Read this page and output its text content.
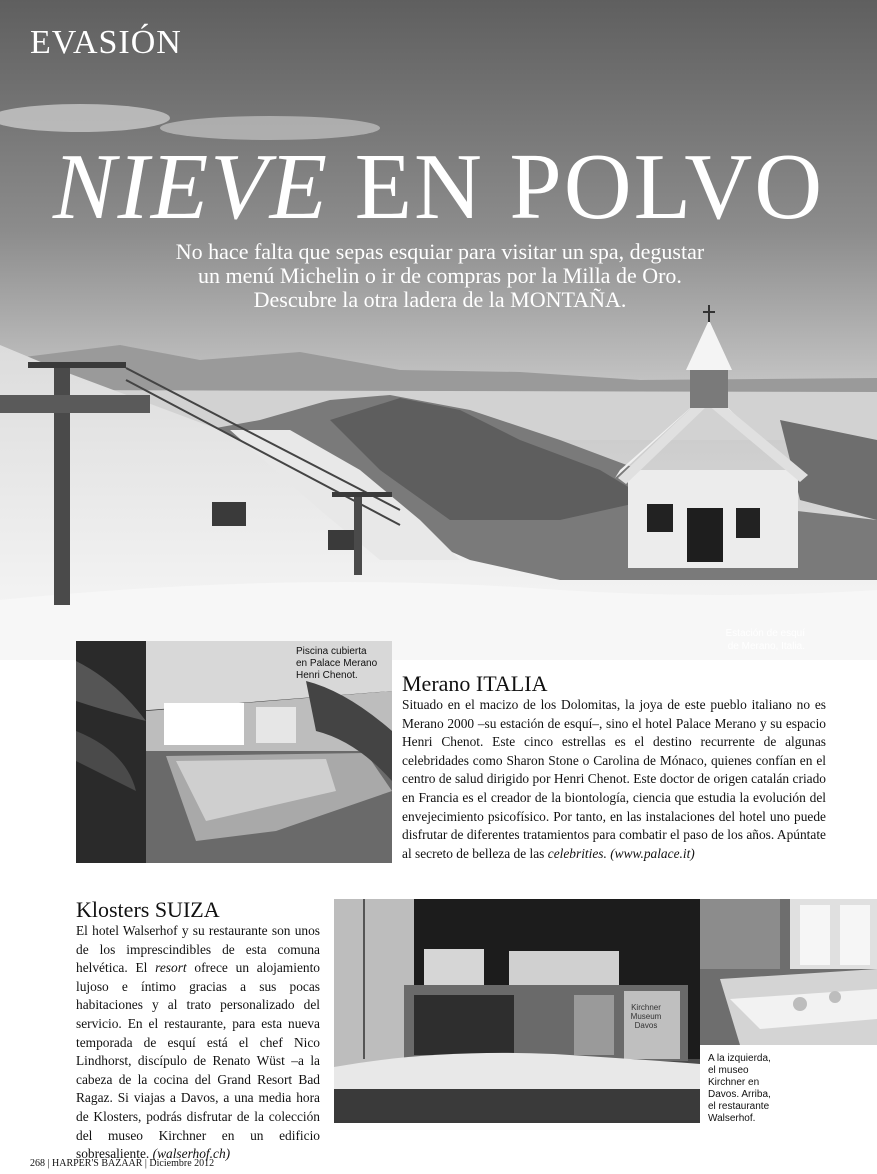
EVASIÓN
NIEVE EN POLVO

No hace falta que sepas esquiar para visitar un spa, degustar

un menú Michelin o ir de compras por la Milla de Oro.

Descubre la otra ladera de la MONTAÑA.

Estación de esquí
de Merano, Italia.
Piscina cubierta
en Palace Merano
Henri Chenot.	Merano ITALIA

Situado en el macizo de los Dolomitas, la joya de este pueblo italiano no es Merano 2000 –su estación de esquí–, sino el hotel Palace Merano y su espacio Henri Chenot. Este cinco estrellas es el destino recurrente de algunas celebridades como Sharon Stone o Carolina de Mónaco, quienes confían en el centro de salud dirigido por Henri Chenot. Este doctor de origen catalán criado en Francia es el creador de la biontología, ciencia que estudia la evolución del envejecimiento psicofísico. Por tanto, en las instalaciones del hotel uno puede disfrutar de diferentes tratamientos para combatir el paso de los años. Apúntate al secreto de belleza de las celebrities. (www.palace.it)

Klosters SUIZA

El hotel Walserhof y su restaurante son unos de los imprescindibles de esta comuna helvética. El resort ofrece un alojamiento lujoso e íntimo gracias a sus pocas habitaciones y al trato personalizado del servicio. En el restaurante, para esta nueva temporada de esquí está el chef Nico Lindhorst, discípulo de Renato Wüst –a la cabeza de la cocina del Grand Resort Bad Ragaz. Si viajas a Davos, a una media hora de Klosters, podrás disfrutar de la colección del museo Kirchner en un edificio sobresaliente. (walserhof.ch)

Kirchner Museum Davos
A la izquierda,
el museo
Kirchner en
Davos. Arriba,
el restaurante
Walserhof.
268 | HARPER'S BAZAAR | Diciembre 2012
